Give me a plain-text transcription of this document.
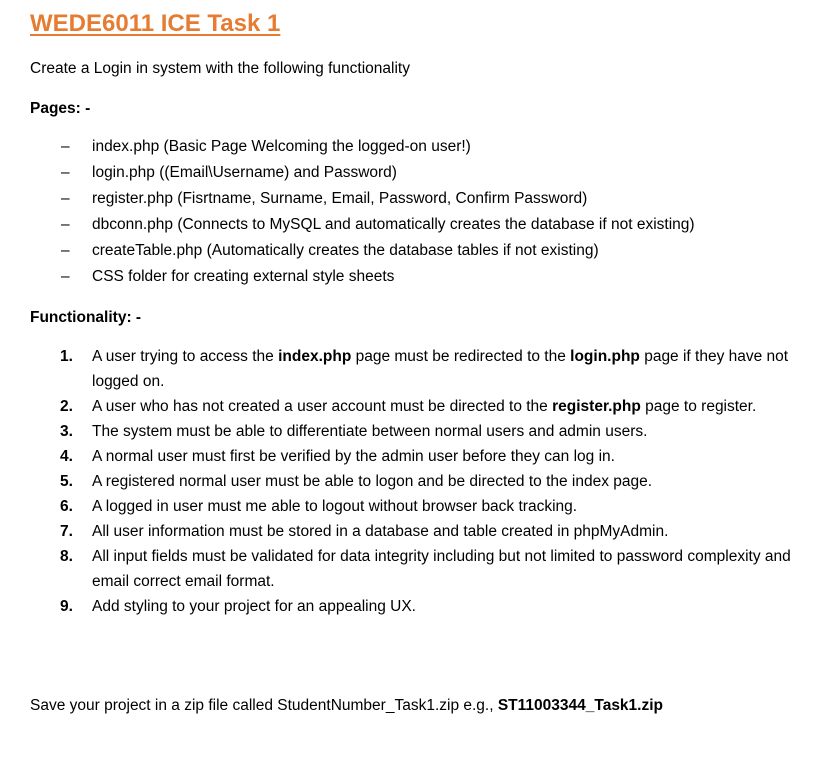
WEDE6011 ICE Task 1
Create a Login in system with the following functionality
Pages: -
– index.php (Basic Page Welcoming the logged-on user!)
– login.php ((Email\Username) and Password)
– register.php (Fisrtname, Surname, Email, Password, Confirm Password)
– dbconn.php (Connects to MySQL and automatically creates the database if not existing)
– createTable.php (Automatically creates the database tables if not existing)
– CSS folder for creating external style sheets
Functionality: -
1. A user trying to access the index.php page must be redirected to the login.php page if they have not logged on.
2. A user who has not created a user account must be directed to the register.php page to register.
3. The system must be able to differentiate between normal users and admin users.
4. A normal user must first be verified by the admin user before they can log in.
5. A registered normal user must be able to logon and be directed to the index page.
6. A logged in user must me able to logout without browser back tracking.
7. All user information must be stored in a database and table created in phpMyAdmin.
8. All input fields must be validated for data integrity including but not limited to password complexity and email correct email format.
9. Add styling to your project for an appealing UX.
Save your project in a zip file called StudentNumber_Task1.zip e.g., ST11003344_Task1.zip
